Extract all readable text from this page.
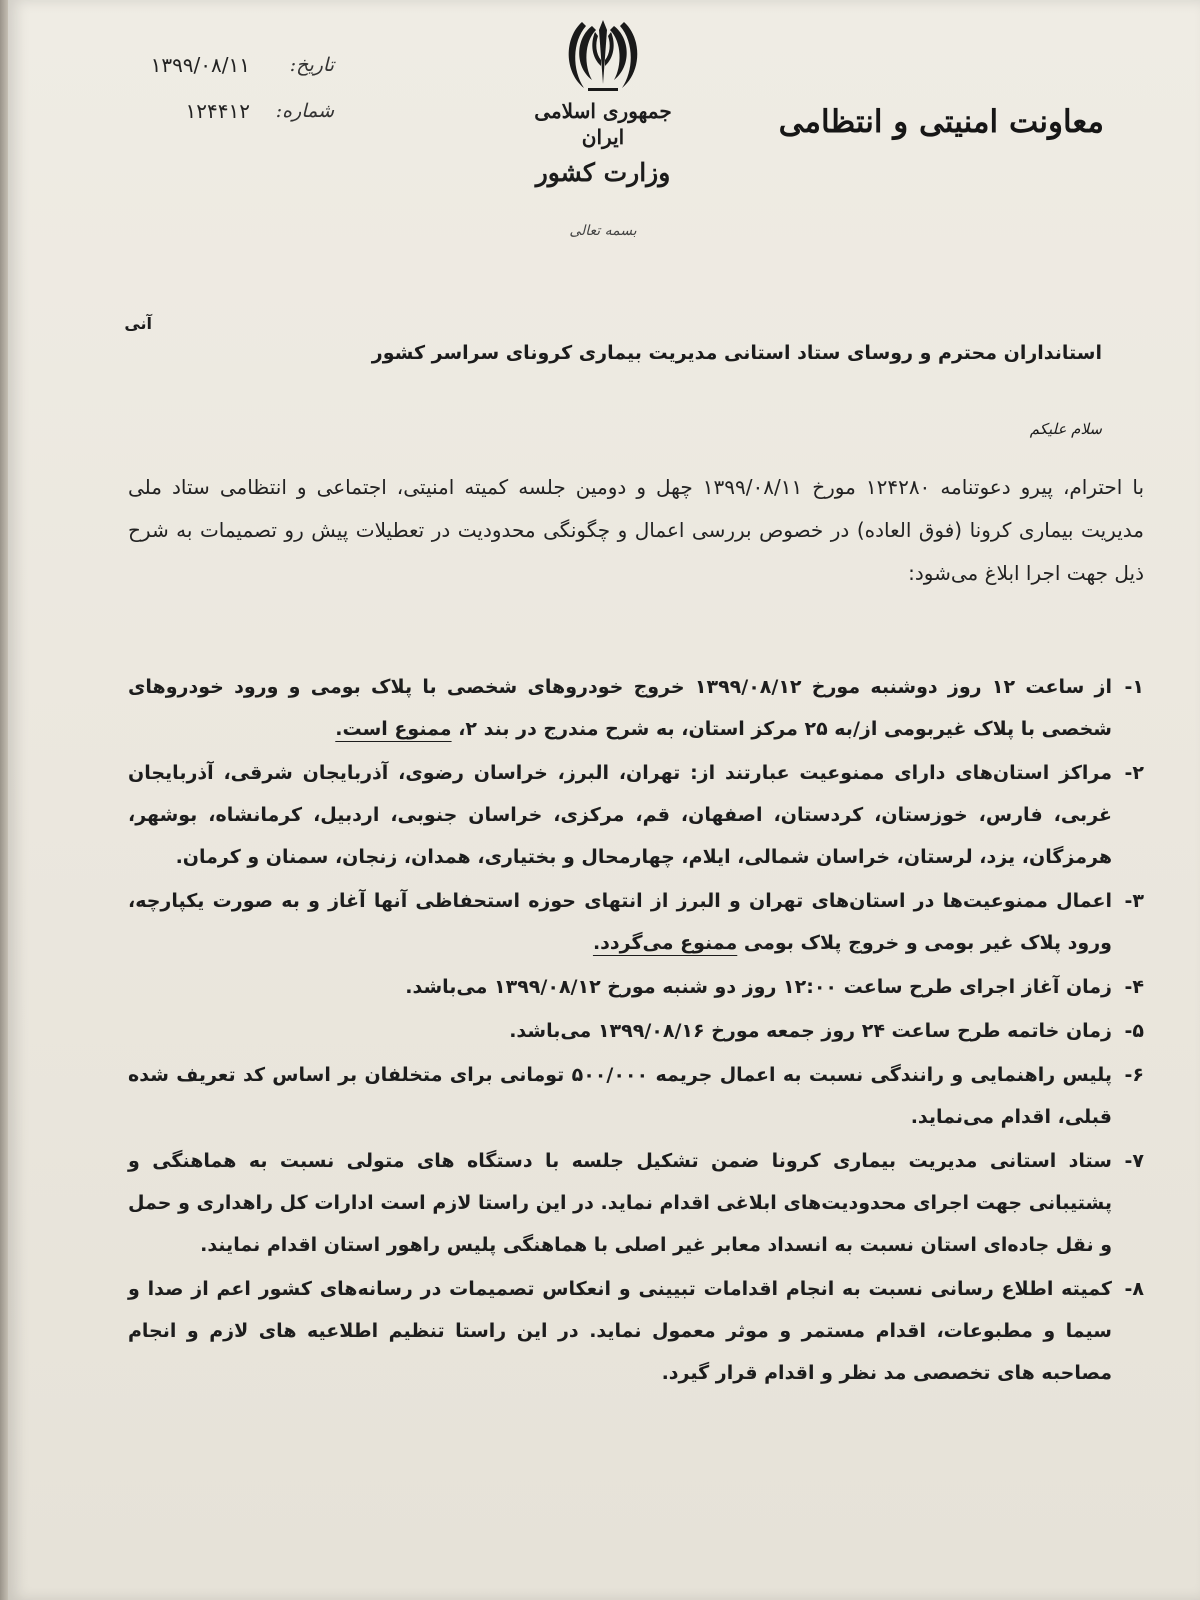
تاریخ:
۱۳۹۹/۰۸/۱۱
شماره:
۱۲۴۴۱۲	جمهوری اسلامی ایران
وزارت کشور
بسمه تعالی
معاونت امنیتی و انتظامی
آنی
استانداران محترم و روسای ستاد استانی مدیریت بیماری کرونای سراسر کشور
سلام علیکم
با احترام، پیرو دعوتنامه ۱۲۴۲۸۰ مورخ ۱۳۹۹/۰۸/۱۱ چهل و دومین جلسه کمیته امنیتی، اجتماعی و انتظامی ستاد ملی مدیریت بیماری کرونا (فوق العاده) در خصوص بررسی اعمال و چگونگی محدودیت در تعطیلات پیش رو تصمیمات به شرح ذیل جهت اجرا ابلاغ می‌شود:
۱-
از ساعت ۱۲ روز دوشنبه مورخ ۱۳۹۹/۰۸/۱۲ خروج خودروهای شخصی با پلاک بومی و ورود خودروهای شخصی با پلاک غیربومی از/به ۲۵ مرکز استان، به شرح مندرج در بند ۲، ممنوع است.
۲-
مراکز استان‌های دارای ممنوعیت عبارتند از: تهران، البرز، خراسان رضوی، آذربایجان شرقی، آذربایجان غربی، فارس، خوزستان، کردستان، اصفهان، قم، مرکزی، خراسان جنوبی، اردبیل، کرمانشاه، بوشهر، هرمزگان، یزد، لرستان، خراسان شمالی، ایلام، چهارمحال و بختیاری، همدان، زنجان، سمنان و کرمان.
۳-
اعمال ممنوعیت‌ها در استان‌های تهران و البرز از انتهای حوزه استحفاظی آنها آغاز و به صورت یکپارچه، ورود پلاک غیر بومی و خروج پلاک بومی ممنوع می‌گردد.
۴-
زمان آغاز اجرای طرح ساعت ۱۲:۰۰ روز دو شنبه مورخ ۱۳۹۹/۰۸/۱۲ می‌باشد.
۵-
زمان خاتمه طرح ساعت ۲۴ روز جمعه مورخ ۱۳۹۹/۰۸/۱۶ می‌باشد.
۶-
پلیس راهنمایی و رانندگی نسبت به اعمال جریمه ۵۰۰/۰۰۰ تومانی برای متخلفان بر اساس کد تعریف شده قبلی، اقدام می‌نماید.
۷-
ستاد استانی مدیریت بیماری کرونا ضمن تشکیل جلسه با دستگاه های متولی نسبت به هماهنگی و پشتیبانی جهت اجرای محدودیت‌های ابلاغی اقدام نماید. در این راستا لازم است ادارات کل راهداری و حمل و نقل جاده‌ای استان نسبت به انسداد معابر غیر اصلی با هماهنگی پلیس راهور استان اقدام نمایند.
۸-
کمیته اطلاع رسانی نسبت به انجام اقدامات تبیینی و انعکاس تصمیمات در رسانه‌های کشور اعم از صدا و سیما و مطبوعات، اقدام مستمر و موثر معمول نماید. در این راستا تنظیم اطلاعیه های لازم و انجام مصاحبه های تخصصی مد نظر و اقدام قرار گیرد.
